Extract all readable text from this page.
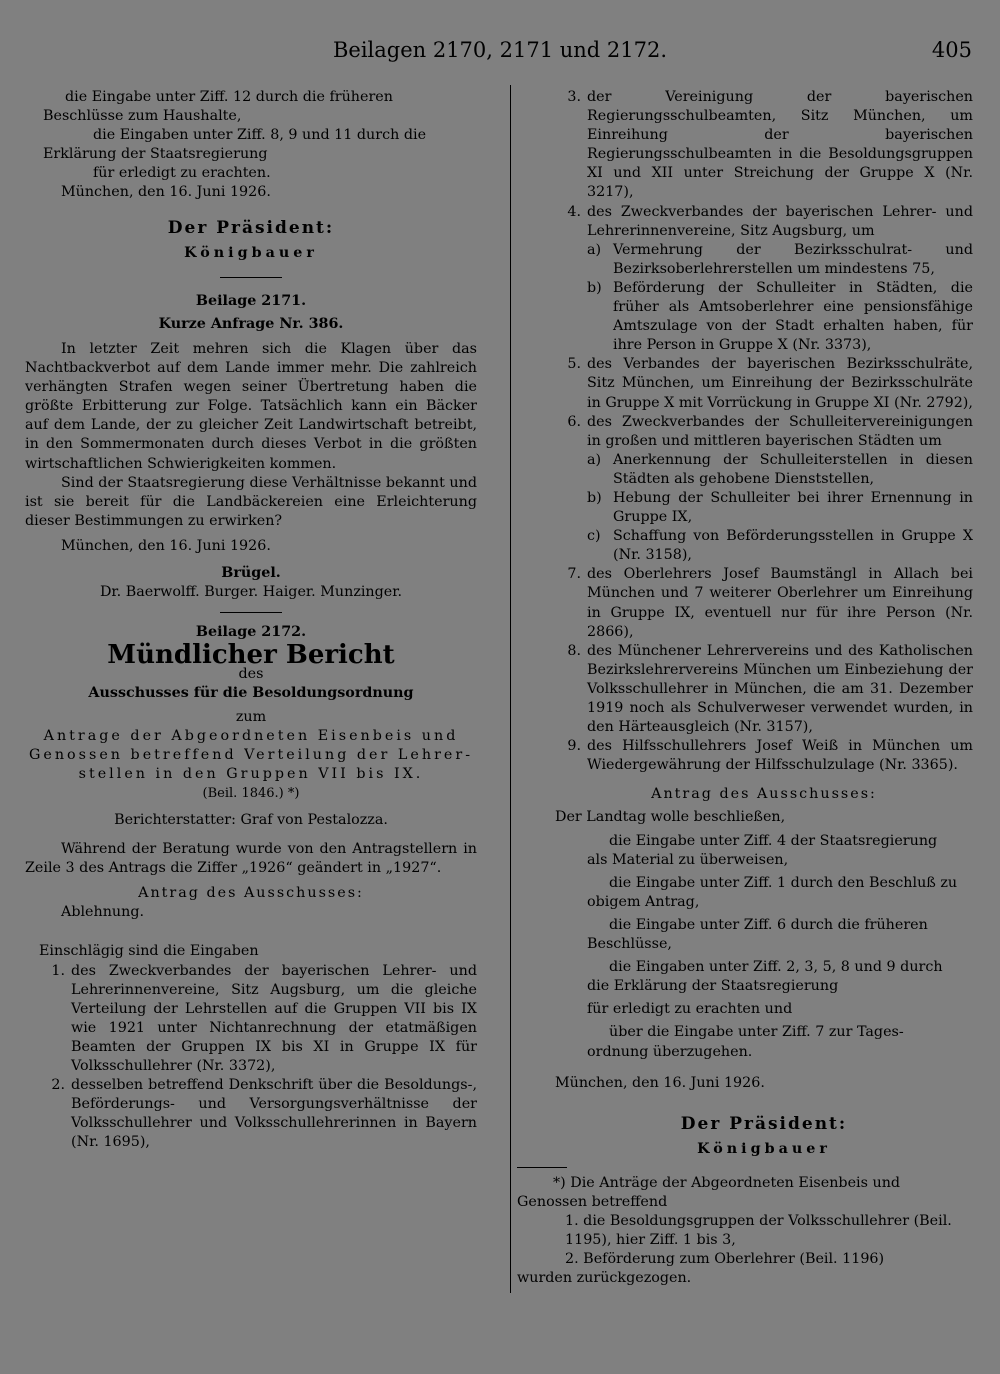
Beilagen 2170, 2171 und 2172.	405

die Eingabe unter Ziff. 12 durch die früheren

Beschlüsse zum Haushalte,

die Eingaben unter Ziff. 8, 9 und 11 durch die

Erklärung der Staatsregierung

für erledigt zu erachten.

München, den 16. Juni 1926.

Der Präsident:

Königbauer

Beilage 2171.

Kurze Anfrage Nr. 386.

In letzter Zeit mehren sich die Klagen über das Nachtbackverbot auf dem Lande immer mehr. Die zahlreich verhängten Strafen wegen seiner Übertretung haben die größte Erbitterung zur Folge. Tatsächlich kann ein Bäcker auf dem Lande, der zu gleicher Zeit Landwirtschaft betreibt, in den Sommermonaten durch dieses Verbot in die größten wirtschaftlichen Schwierigkeiten kommen.

Sind der Staatsregierung diese Verhältnisse bekannt und ist sie bereit für die Landbäckereien eine Erleichterung dieser Bestimmungen zu erwirken?

München, den 16. Juni 1926.

Brügel.

Dr. Baerwolff. Burger. Haiger. Munzinger.

Beilage 2172.

Mündlicher Bericht

des

Ausschusses für die Besoldungsordnung

zum

Antrage der Abgeordneten Eisenbeis und

Genossen betreffend Verteilung der Lehrer-

stellen in den Gruppen VII bis IX.

(Beil. 1846.) *)

Berichterstatter: Graf von Pestalozza.

Während der Beratung wurde von den Antragstellern in Zeile 3 des Antrags die Ziffer „1926“ geändert in „1927“.

Antrag des Ausschusses:

Ablehnung.

Einschlägig sind die Eingaben

1. des Zweckverbandes der bayerischen Lehrer- und Lehrerinnenvereine, Sitz Augsburg, um die gleiche Verteilung der Lehrstellen auf die Gruppen VII bis IX wie 1921 unter Nichtanrechnung der etatmäßigen Beamten der Gruppen IX bis XI in Gruppe IX für Volksschullehrer (Nr. 3372),
2. desselben betreffend Denkschrift über die Besoldungs-, Beförderungs- und Versorgungsverhältnisse der Volksschullehrer und Volksschullehrerinnen in Bayern (Nr. 1695),
3. der Vereinigung der bayerischen Regierungsschulbeamten, Sitz München, um Einreihung der bayerischen Regierungsschulbeamten in die Besoldungsgruppen XI und XII unter Streichung der Gruppe X (Nr. 3217),
4. des Zweckverbandes der bayerischen Lehrer- und Lehrerinnenvereine, Sitz Augsburg, um
a) Vermehrung der Bezirksschulrat- und Bezirksoberlehrerstellen um mindestens 75,
b) Beförderung der Schulleiter in Städten, die früher als Amtsoberlehrer eine pensionsfähige Amtszulage von der Stadt erhalten haben, für ihre Person in Gruppe X (Nr. 3373),
5. des Verbandes der bayerischen Bezirksschulräte, Sitz München, um Einreihung der Bezirksschulräte in Gruppe X mit Vorrückung in Gruppe XI (Nr. 2792),
6. des Zweckverbandes der Schulleitervereinigungen in großen und mittleren bayerischen Städten um
a) Anerkennung der Schulleiterstellen in diesen Städten als gehobene Dienststellen,
b) Hebung der Schulleiter bei ihrer Ernennung in Gruppe IX,
c) Schaffung von Beförderungsstellen in Gruppe X (Nr. 3158),
7. des Oberlehrers Josef Baumstängl in Allach bei München und 7 weiterer Oberlehrer um Einreihung in Gruppe IX, eventuell nur für ihre Person (Nr. 2866),
8. des Münchener Lehrervereins und des Katholischen Bezirkslehrervereins München um Einbeziehung der Volksschullehrer in München, die am 31. Dezember 1919 noch als Schulverweser verwendet wurden, in den Härteausgleich (Nr. 3157),
9. des Hilfsschullehrers Josef Weiß in München um Wiedergewährung der Hilfsschulzulage (Nr. 3365).

Antrag des Ausschusses:

Der Landtag wolle beschließen,

die Eingabe unter Ziff. 4 der Staatsregierung

als Material zu überweisen,

die Eingabe unter Ziff. 1 durch den Beschluß zu

obigem Antrag,

die Eingabe unter Ziff. 6 durch die früheren

Beschlüsse,

die Eingaben unter Ziff. 2, 3, 5, 8 und 9 durch

die Erklärung der Staatsregierung

für erledigt zu erachten und

über die Eingabe unter Ziff. 7 zur Tages-

ordnung überzugehen.

München, den 16. Juni 1926.

Der Präsident:

Königbauer

*) Die Anträge der Abgeordneten Eisenbeis und Genossen betreffend

1. die Besoldungsgruppen der Volksschullehrer (Beil. 1195), hier Ziff. 1 bis 3,

2. Beförderung zum Oberlehrer (Beil. 1196)

wurden zurückgezogen.
